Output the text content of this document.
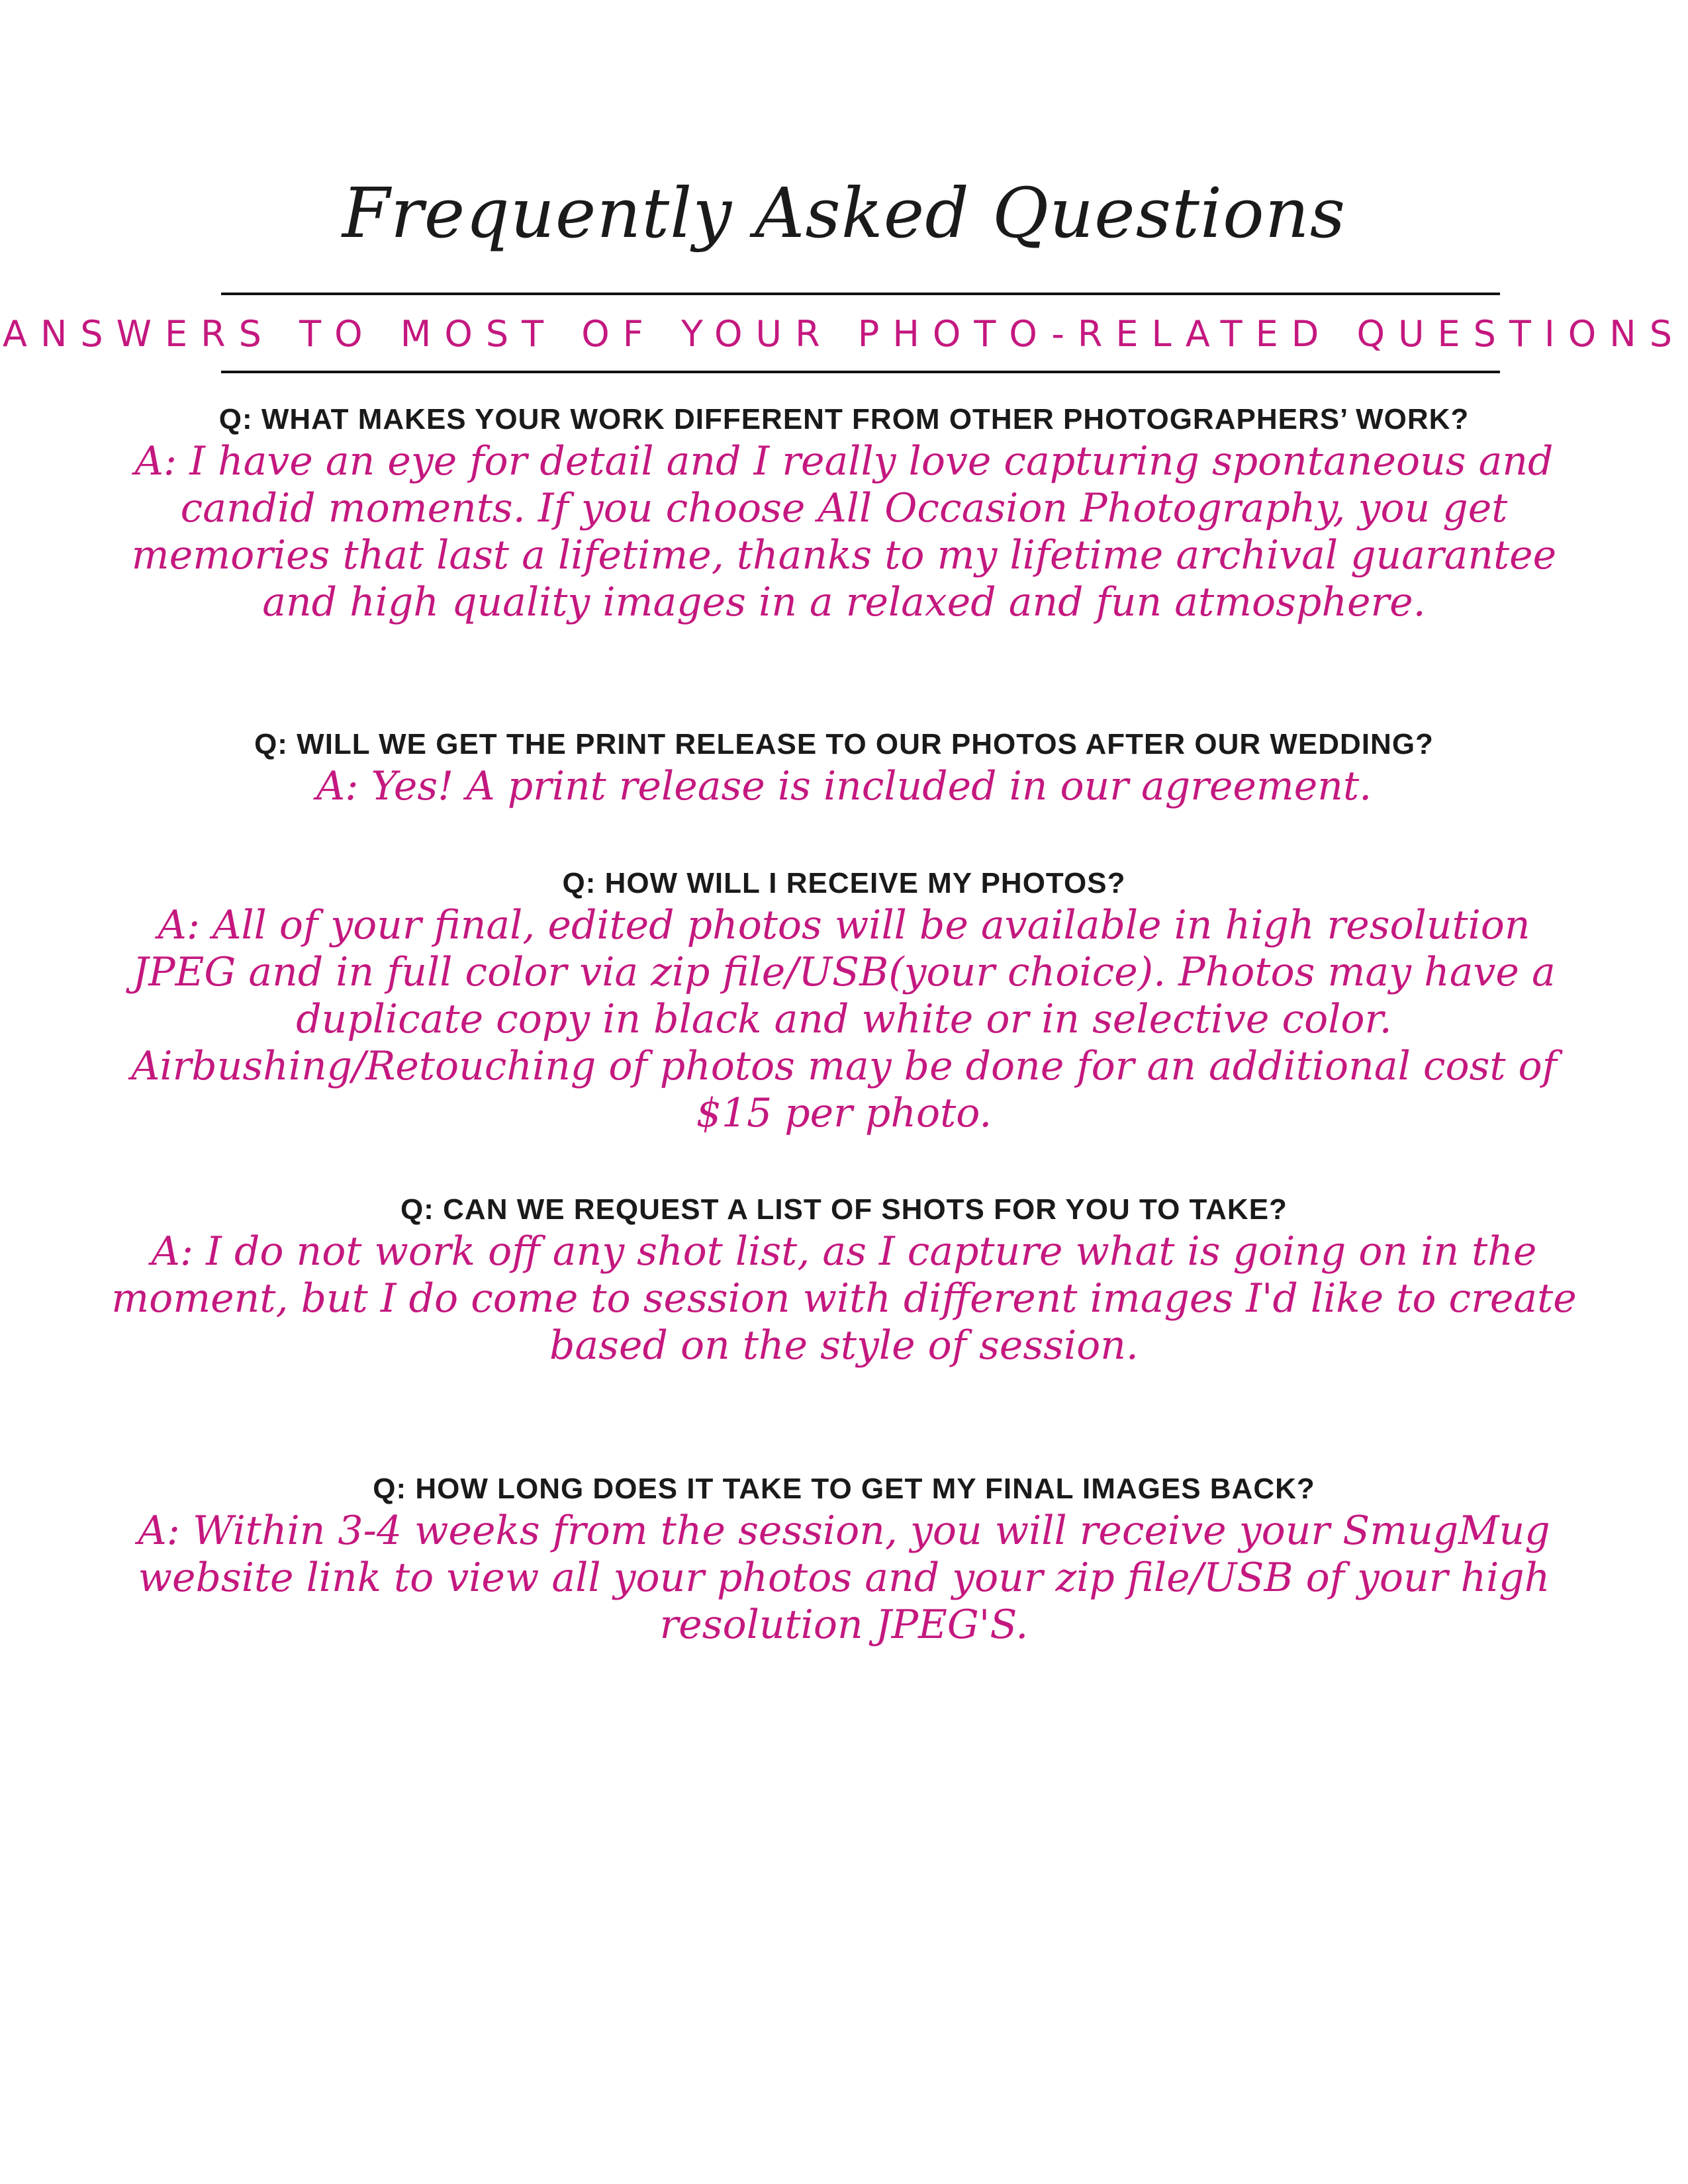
Frequently Asked Questions
ANSWERS TO MOST OF YOUR PHOTO-RELATED QUESTIONS

Q: WHAT MAKES YOUR WORK DIFFERENT FROM OTHER PHOTOGRAPHERS’ WORK?

A: I have an eye for detail and I really love capturing spontaneous and candid moments. If you choose All Occasion Photography, you get memories that last a lifetime, thanks to my lifetime archival guarantee and high quality images in a relaxed and fun atmosphere.

Q: WILL WE GET THE PRINT RELEASE TO OUR PHOTOS AFTER OUR WEDDING?

A: Yes! A print release is included in our agreement.

Q: HOW WILL I RECEIVE MY PHOTOS?

A: All of your final, edited photos will be available in high resolution JPEG and in full color via zip file/USB(your choice). Photos may have a duplicate copy in black and white or in selective color. Airbushing/Retouching of photos may be done for an additional cost of $15 per photo.

Q: CAN WE REQUEST A LIST OF SHOTS FOR YOU TO TAKE?

A: I do not work off any shot list, as I capture what is going on in the moment, but I do come to session with different images I'd like to create based on the style of session.

Q: HOW LONG DOES IT TAKE TO GET MY FINAL IMAGES BACK?

A: Within 3-4 weeks from the session, you will receive your SmugMug website link to view all your photos and your zip file/USB of your high resolution JPEG'S.
